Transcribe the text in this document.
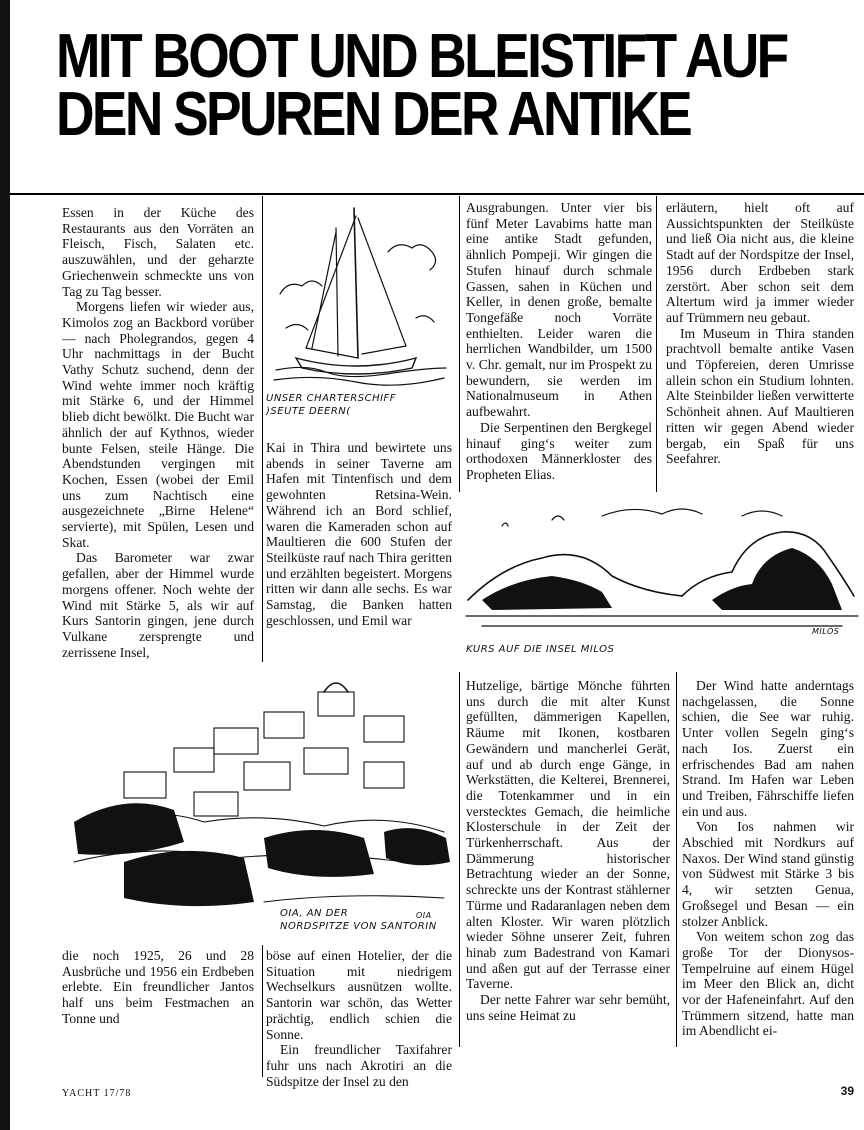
MIT BOOT UND BLEISTIFT AUF
DEN SPUREN DER ANTIKE

Essen in der Küche des Restaurants aus den Vorräten an Fleisch, Fisch, Salaten etc. auszuwählen, und der geharzte Griechenwein schmeckte uns von Tag zu Tag besser.

Morgens liefen wir wieder aus, Kimolos zog an Backbord vorüber — nach Pholegrandos, gegen 4 Uhr nachmittags in der Bucht Vathy Schutz suchend, denn der Wind wehte immer noch kräftig mit Stärke 6, und der Himmel blieb dicht bewölkt. Die Bucht war ähnlich der auf Kythnos, wieder bunte Felsen, steile Hänge. Die Abendstunden vergingen mit Kochen, Essen (wobei der Emil uns zum Nachtisch eine ausgezeichnete „Birne Helene“ servierte), mit Spülen, Lesen und Skat.

Das Barometer war zwar gefallen, aber der Himmel wurde morgens offener. Noch wehte der Wind mit Stärke 5, als wir auf Kurs Santorin gingen, jene durch Vulkane zersprengte und zerrissene Insel,

Kai in Thira und bewirtete uns abends in seiner Taverne am Hafen mit Tintenfisch und dem gewohnten Retsina-Wein. Während ich an Bord schlief, waren die Kameraden schon auf Maultieren die 600 Stufen der Steilküste rauf nach Thira geritten und erzählten begeistert. Morgens ritten wir dann alle sechs. Es war Samstag, die Banken hatten geschlossen, und Emil war

Ausgrabungen. Unter vier bis fünf Meter Lavabims hatte man eine antike Stadt gefunden, ähnlich Pompeji. Wir gingen die Stufen hinauf durch schmale Gassen, sahen in Küchen und Keller, in denen große, bemalte Tongefäße noch Vorräte enthielten. Leider waren die herrlichen Wandbilder, um 1500 v. Chr. gemalt, nur im Prospekt zu bewundern, sie werden im Nationalmuseum in Athen aufbewahrt.

Die Serpentinen den Bergkegel hinauf ging‘s weiter zum orthodoxen Männerkloster des Propheten Elias.

erläutern, hielt oft auf Aussichtspunkten der Steilküste und ließ Oia nicht aus, die kleine Stadt auf der Nordspitze der Insel, 1956 durch Erdbeben stark zerstört. Aber schon seit dem Altertum wird ja immer wieder auf Trümmern neu gebaut.

Im Museum in Thira standen prachtvoll bemalte antike Vasen und Töpfereien, deren Umrisse allein schon ein Studium lohnten. Alte Steinbilder ließen verwitterte Schönheit ahnen. Auf Maultieren ritten wir gegen Abend wieder bergab, ein Spaß für uns Seefahrer.

die noch 1925, 26 und 28 Ausbrüche und 1956 ein Erdbeben erlebte. Ein freundlicher Jantos half uns beim Festmachen an Tonne und

böse auf einen Hotelier, der die Situation mit niedrigem Wechselkurs ausnützen wollte. Santorin war schön, das Wetter prächtig, endlich schien die Sonne.

Ein freundlicher Taxifahrer fuhr uns nach Akrotiri an die Südspitze der Insel zu den

Hutzelige, bärtige Mönche führten uns durch die mit alter Kunst gefüllten, dämmerigen Kapellen, Räume mit Ikonen, kostbaren Gewändern und mancherlei Gerät, auf und ab durch enge Gänge, in Werkstätten, die Kelterei, Brennerei, die Totenkammer und in ein verstecktes Gemach, die heimliche Klosterschule in der Zeit der Türkenherrschaft. Aus der Dämmerung historischer Betrachtung wieder an der Sonne, schreckte uns der Kontrast stählerner Türme und Radaranlagen neben dem alten Kloster. Wir waren plötzlich wieder Söhne unserer Zeit, fuhren hinab zum Badestrand von Kamari und aßen gut auf der Terrasse einer Taverne.

Der nette Fahrer war sehr bemüht, uns seine Heimat zu

Der Wind hatte anderntags nachgelassen, die Sonne schien, die See war ruhig. Unter vollen Segeln ging‘s nach Ios. Zuerst ein erfrischendes Bad am nahen Strand. Im Hafen war Leben und Treiben, Fährschiffe liefen ein und aus.

Von Ios nahmen wir Abschied mit Nordkurs auf Naxos. Der Wind stand günstig von Südwest mit Stärke 3 bis 4, wir setzten Genua, Großsegel und Besan — ein stolzer Anblick.

Von weitem schon zog das große Tor der Dionysos-Tempelruine auf einem Hügel im Meer den Blick an, dicht vor der Hafeneinfahrt. Auf den Trümmern sitzend, hatte man im Abendlicht ei-

UNSER CHARTERSCHIFF
)SEUTE DEERN(
MILOS
KURS AUF DIE INSEL MILOS
OIA
OIA, AN DER
NORDSPITZE VON SANTORIN
YACHT 17/78	39
